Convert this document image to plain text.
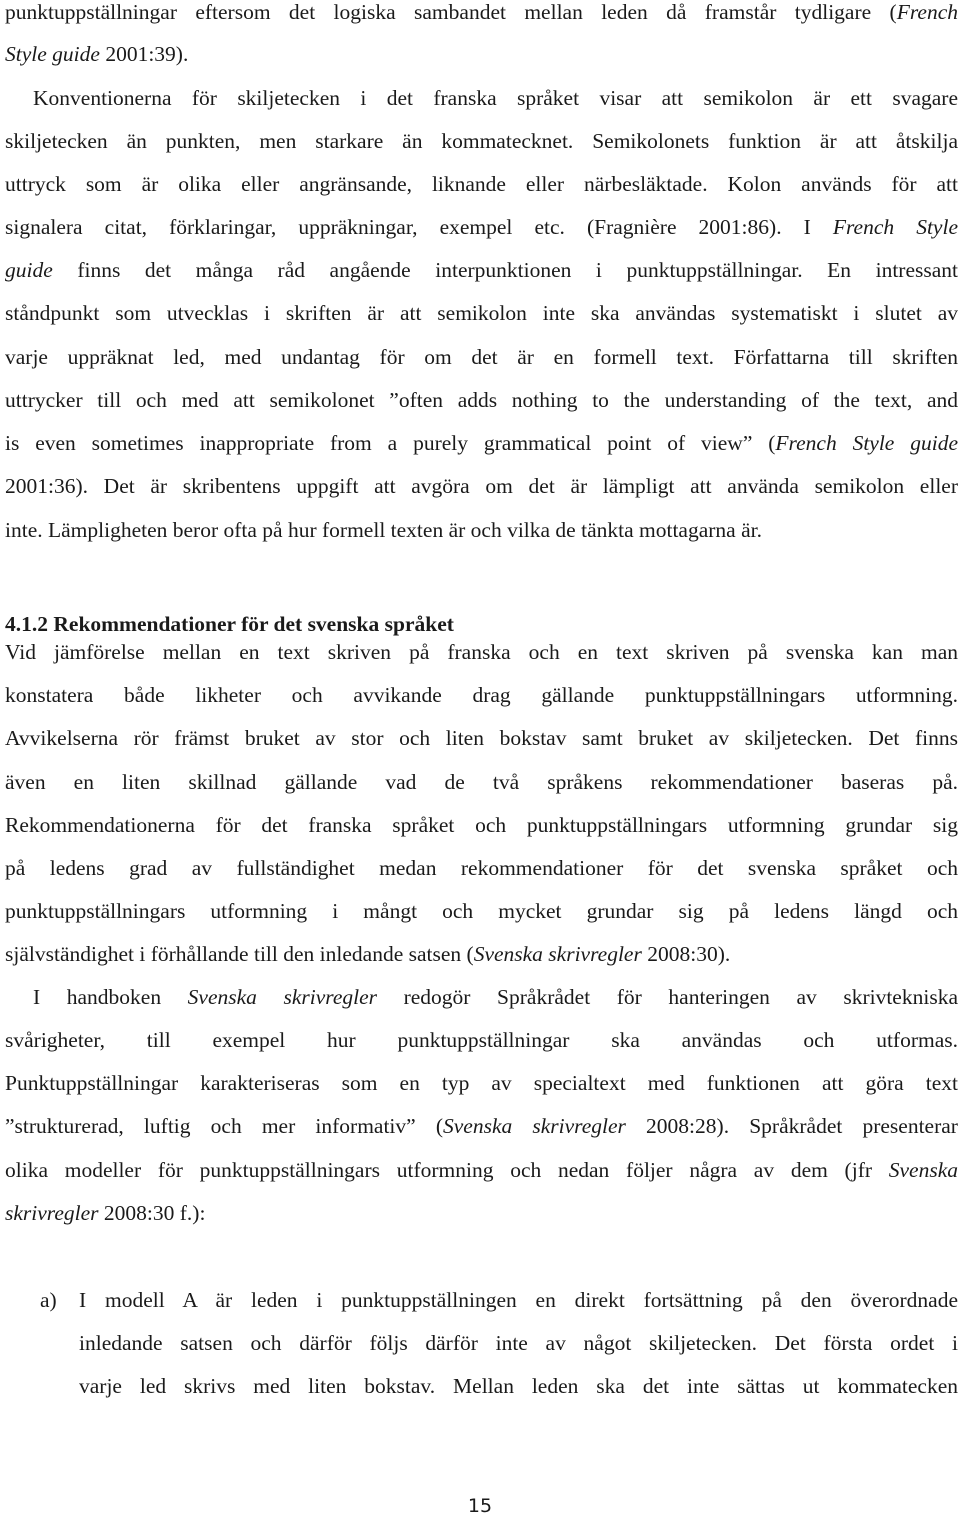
punktuppställningar eftersom det logiska sambandet mellan leden då framstår tydligare (French
Style guide 2001:39).
Konventionerna för skiljetecken i det franska språket visar att semikolon är ett svagare
skiljetecken än punkten, men starkare än kommatecknet. Semikolonets funktion är att åtskilja
uttryck som är olika eller angränsande, liknande eller närbesläktade. Kolon används för att
signalera citat, förklaringar, uppräkningar, exempel etc. (Fragnière 2001:86). I French Style
guide finns det många råd angående interpunktionen i punktuppställningar. En intressant
ståndpunkt som utvecklas i skriften är att semikolon inte ska användas systematiskt i slutet av
varje uppräknat led, med undantag för om det är en formell text. Författarna till skriften
uttrycker till och med att semikolonet ”often adds nothing to the understanding of the text, and
is even sometimes inappropriate from a purely grammatical point of view” (French Style guide
2001:36). Det är skribentens uppgift att avgöra om det är lämpligt att använda semikolon eller
inte. Lämpligheten beror ofta på hur formell texten är och vilka de tänkta mottagarna är.
4.1.2 Rekommendationer för det svenska språket
Vid jämförelse mellan en text skriven på franska och en text skriven på svenska kan man
konstatera både likheter och avvikande drag gällande punktuppställningars utformning.
Avvikelserna rör främst bruket av stor och liten bokstav samt bruket av skiljetecken. Det finns
även en liten skillnad gällande vad de två språkens rekommendationer baseras på.
Rekommendationerna för det franska språket och punktuppställningars utformning grundar sig
på ledens grad av fullständighet medan rekommendationer för det svenska språket och
punktuppställningars utformning i mångt och mycket grundar sig på ledens längd och
självständighet i förhållande till den inledande satsen (Svenska skrivregler 2008:30).
I handboken Svenska skrivregler redogör Språkrådet för hanteringen av skrivtekniska
svårigheter, till exempel hur punktuppställningar ska användas och utformas.
Punktuppställningar karakteriseras som en typ av specialtext med funktionen att göra text
”strukturerad, luftig och mer informativ” (Svenska skrivregler 2008:28). Språkrådet presenterar
olika modeller för punktuppställningars utformning och nedan följer några av dem (jfr Svenska
skrivregler 2008:30 f.):
a) I modell A är leden i punktuppställningen en direkt fortsättning på den överordnade
inledande satsen och därför följs därför inte av något skiljetecken. Det första ordet i
varje led skrivs med liten bokstav. Mellan leden ska det inte sättas ut kommatecken
15
